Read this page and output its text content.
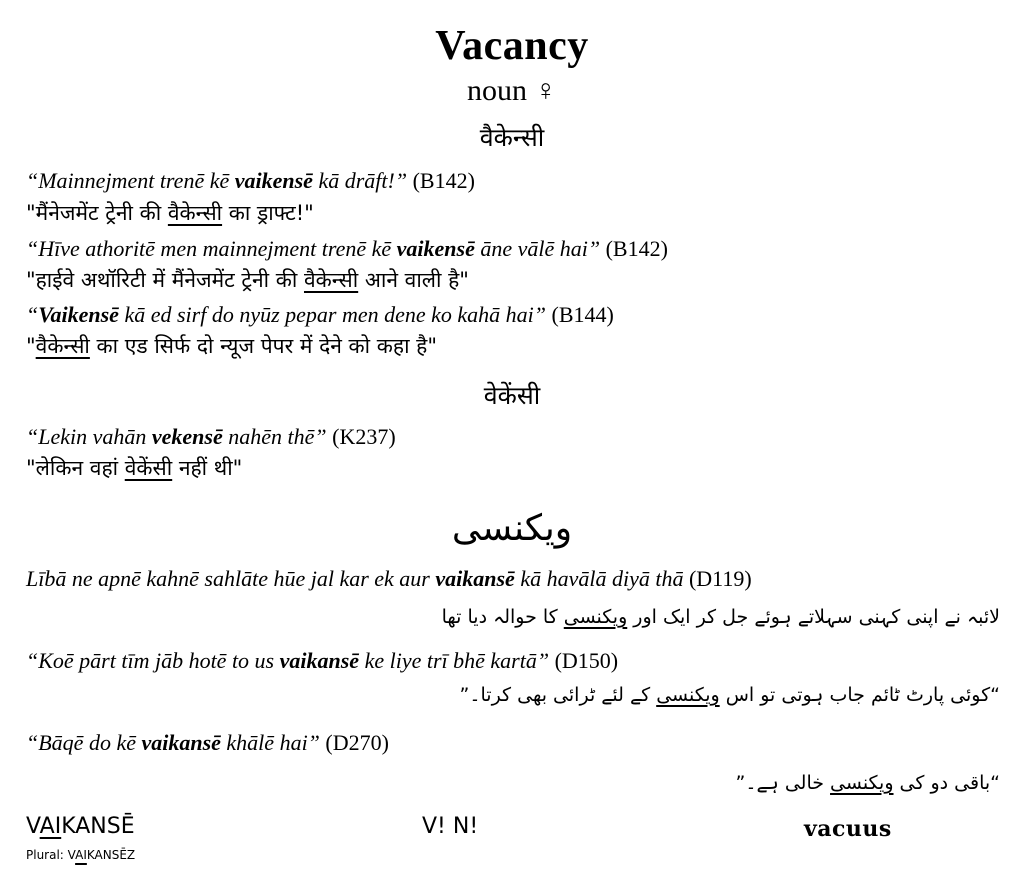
Vacancy
noun ♀
वैकेन्सी
“Mainnejment trenē kē vaikensē kā drāft!” (B142)
"मैंनेजमेंट ट्रेनी की वैकेन्सी का ड्राफ्ट!"
“Hīve athoritē men mainnejment trenē kē vaikensē āne vālē hai” (B142)
"हाईवे अथॉरिटी में मैंनेजमेंट ट्रेनी की वैकेन्सी आने वाली है"
“Vaikensē kā ed sirf do nyūz pepar men dene ko kahā hai” (B144)
"वैकेन्सी का एड सिर्फ दो न्यूज पेपर में देने को कहा है"
वेकेंसी
“Lekin vahān vekensē nahēn thē” (K237)
"लेकिन वहां वेकेंसी नहीं थी"
ویکنسی
Lībā ne apnē kahnē sahlāte hūe jal kar ek aur vaikansē kā havālā diyā thā (D119)
لائبہ نے اپنی کہنی سہلاتے ہوئے جل کر ایک اور ویکنسی کا حوالہ دیا تھا
“Koē pārt tīm jāb hotē to us vaikansē ke liye trī bhē kartā” (D150)
“کوئی پارٹ ٹائم جاب ہوتی تو اس ویکنسی کے لئے ٹرائی بھی کرتا۔”
“Bāqē do kē vaikansē khālē hai” (D270)
“باقی دو کی ویکنسی خالی ہے۔”
VAIKANSĒ
Plural: VAIKANSĒZ
V! N!	vacuus
